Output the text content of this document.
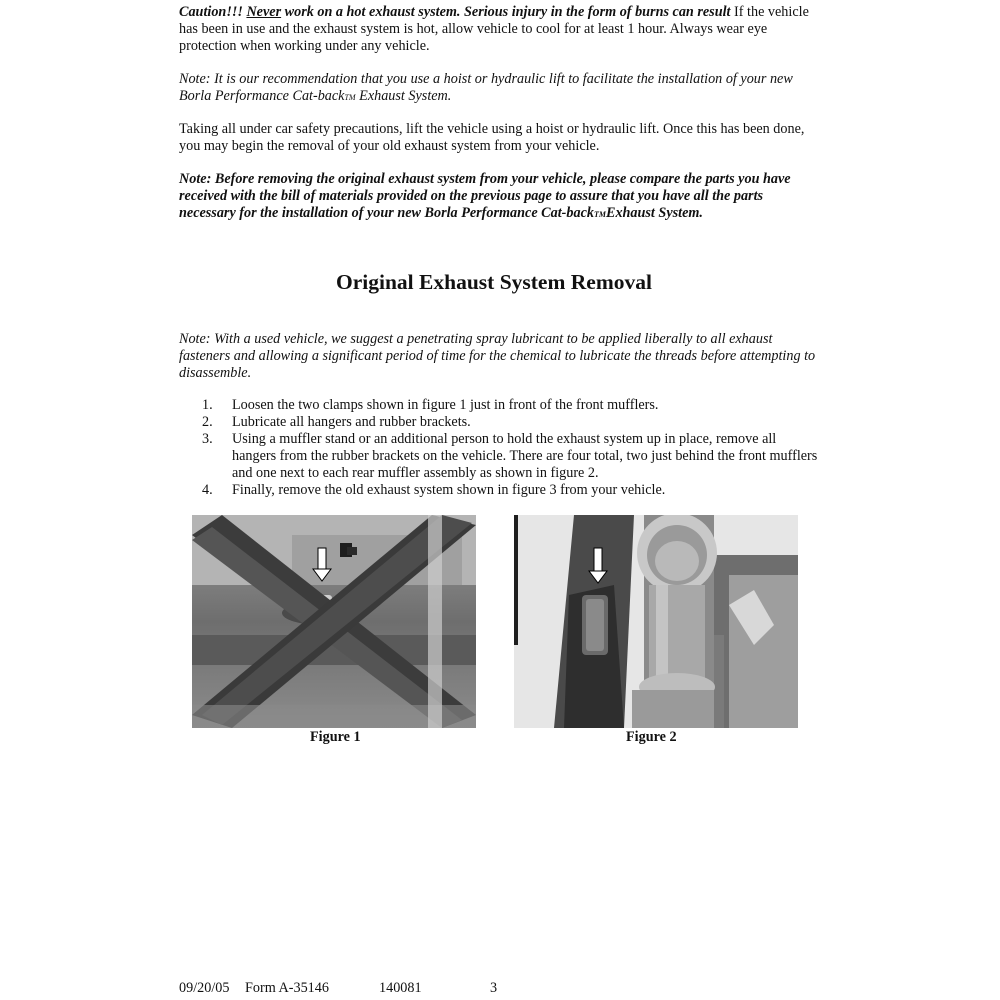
Caution!!! Never work on a hot exhaust system. Serious injury in the form of burns can result If the vehicle has been in use and the exhaust system is hot, allow vehicle to cool for at least 1 hour. Always wear eye protection when working under any vehicle.

Note: It is our recommendation that you use a hoist or hydraulic lift to facilitate the installation of your new Borla Performance Cat-backTM Exhaust System.

Taking all under car safety precautions, lift the vehicle using a hoist or hydraulic lift. Once this has been done, you may begin the removal of your old exhaust system from your vehicle.

Note: Before removing the original exhaust system from your vehicle, please compare the parts you have received with the bill of materials provided on the previous page to assure that you have all the parts necessary for the installation of your new Borla Performance Cat-backTMExhaust System.

Original Exhaust System Removal

Note: With a used vehicle, we suggest a penetrating spray lubricant to be applied liberally to all exhaust fasteners and allowing a significant period of time for the chemical to lubricate the threads before attempting to disassemble.

1. Loosen the two clamps shown in figure 1 just in front of the front mufflers.
2. Lubricate all hangers and rubber brackets.
3. Using a muffler stand or an additional person to hold the exhaust system up in place, remove all hangers from the rubber brackets on the vehicle. There are four total, two just behind the front mufflers and one next to each rear muffler assembly as shown in figure 2.
4. Finally, remove the old exhaust system shown in figure 3 from your vehicle.

Figure 1	Figure 2

09/20/05 Form A-35146	140081	3
